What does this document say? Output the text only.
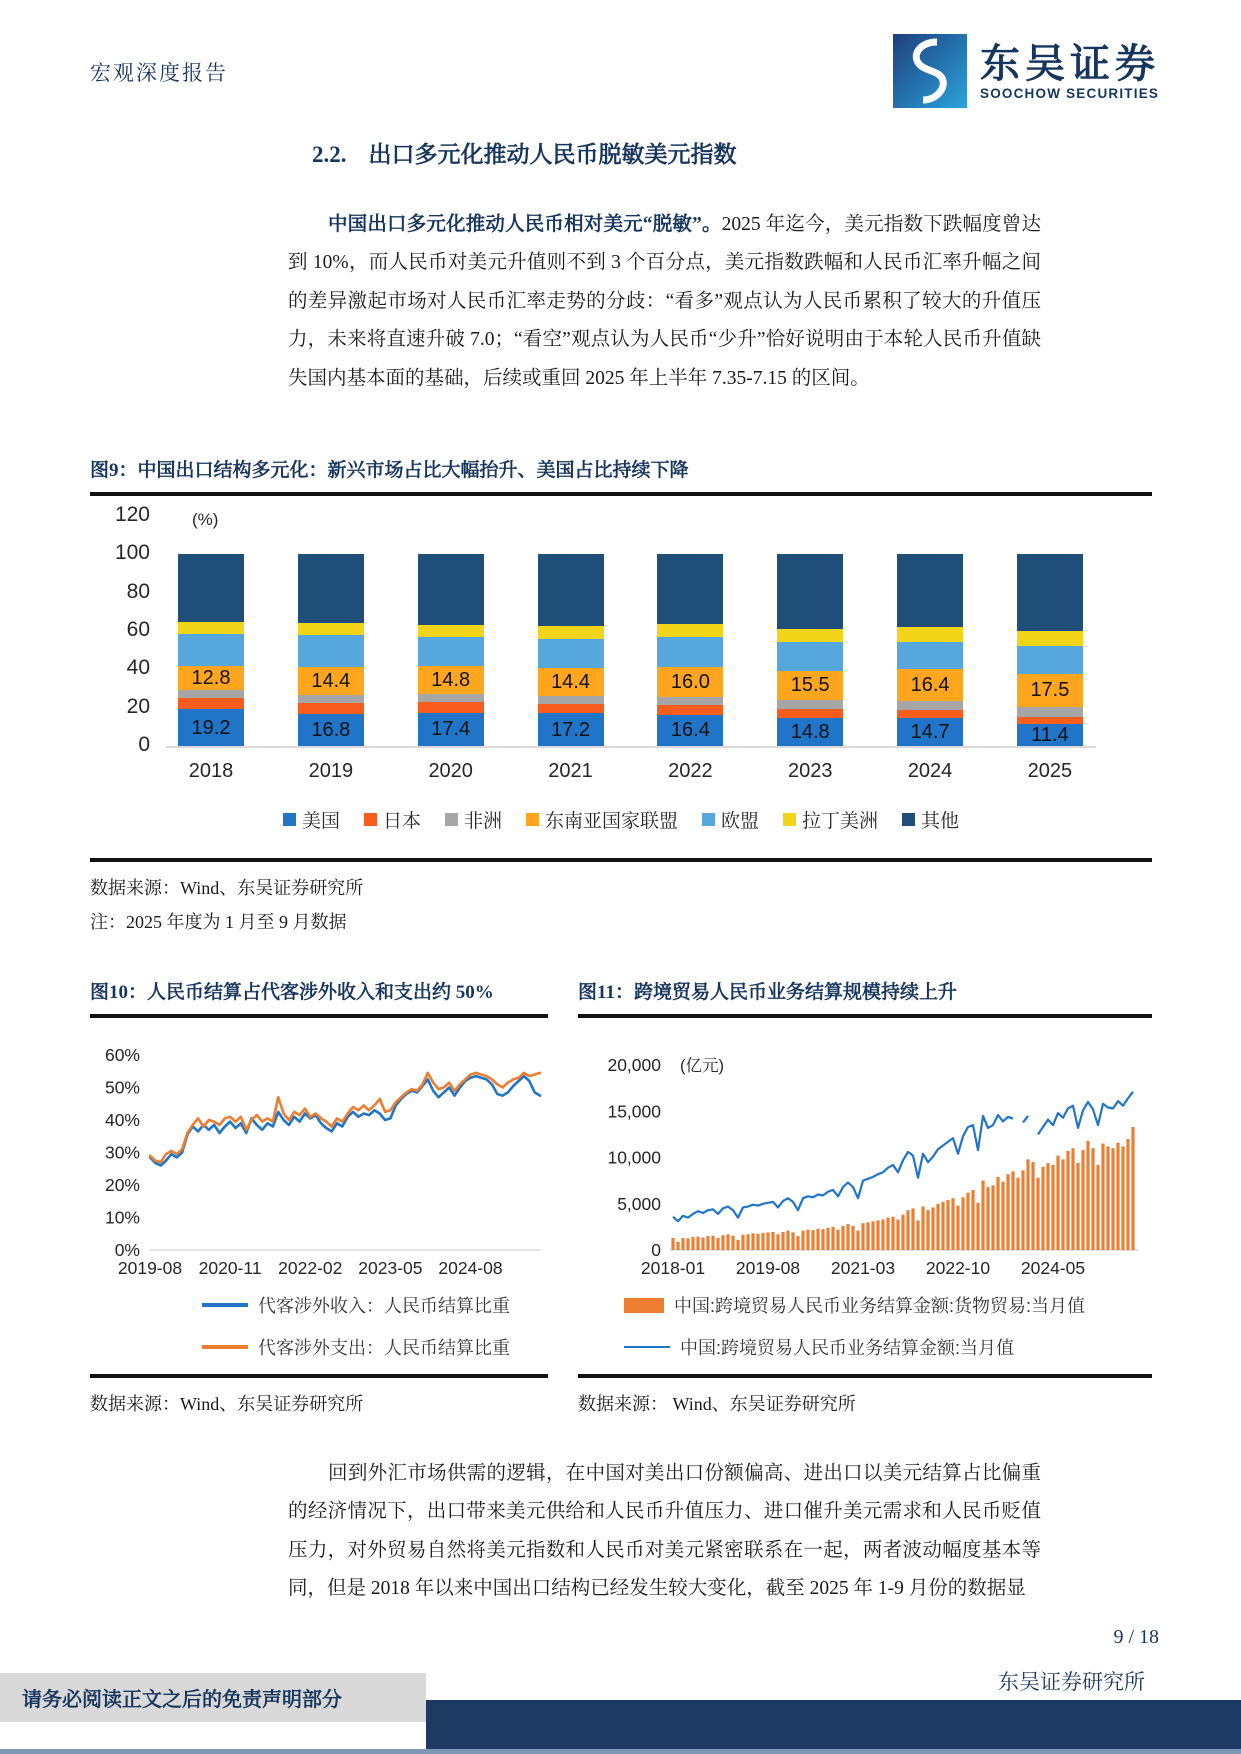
宏观深度报告	东吴证券
SOOCHOW SECURITIES
2.2. 出口多元化推动人民币脱敏美元指数

中国出口多元化推动人民币相对美元“脱敏”。2025 年迄今，美元指数下跌幅度曾达到 10%，而人民币对美元升值则不到 3 个百分点，美元指数跌幅和人民币汇率升幅之间的差异激起市场对人民币汇率走势的分歧：“看多”观点认为人民币累积了较大的升值压力，未来将直速升破 7.0；“看空”观点认为人民币“少升”恰好说明由于本轮人民币升值缺失国内基本面的基础，后续或重回 2025 年上半年 7.35-7.15 的区间。

图9：中国出口结构多元化：新兴市场占比大幅抬升、美国占比持续下降
120
100
80
60
40
20
0
(%)
19.2
12.8
16.8
14.4
17.4
14.8
17.2
14.4
16.4
16.0
14.8
15.5
14.7
16.4
11.4
17.5
2018	2019	2020	2021	2022	2023	2024	2025
美国	日本	非洲	东南亚国家联盟	欧盟	拉丁美洲	其他
数据来源：Wind、东吴证券研究所
注：2025 年度为 1 月至 9 月数据
图10：人民币结算占代客涉外收入和支出约 50%
0%
10%
20%
30%
40%
50%
60%
2019-08 2020-11 2022-02 2023-05 2024-08
代客涉外收入：人民币结算比重
代客涉外支出：人民币结算比重
数据来源：Wind、东吴证券研究所
图11：跨境贸易人民币业务结算规模持续上升
0
5,000
10,000
15,000
20,000 (亿元)
2018-01 2019-08 2021-03 2022-10 2024-05
中国:跨境贸易人民币业务结算金额:货物贸易:当月值
中国:跨境贸易人民币业务结算金额:当月值
数据来源： Wind、东吴证券研究所

回到外汇市场供需的逻辑，在中国对美出口份额偏高、进出口以美元结算占比偏重的经济情况下，出口带来美元供给和人民币升值压力、进口催升美元需求和人民币贬值压力，对外贸易自然将美元指数和人民币对美元紧密联系在一起，两者波动幅度基本等同，但是 2018 年以来中国出口结构已经发生较大变化，截至 2025 年 1-9 月份的数据显

9 / 18
东吴证券研究所
请务必阅读正文之后的免责声明部分
